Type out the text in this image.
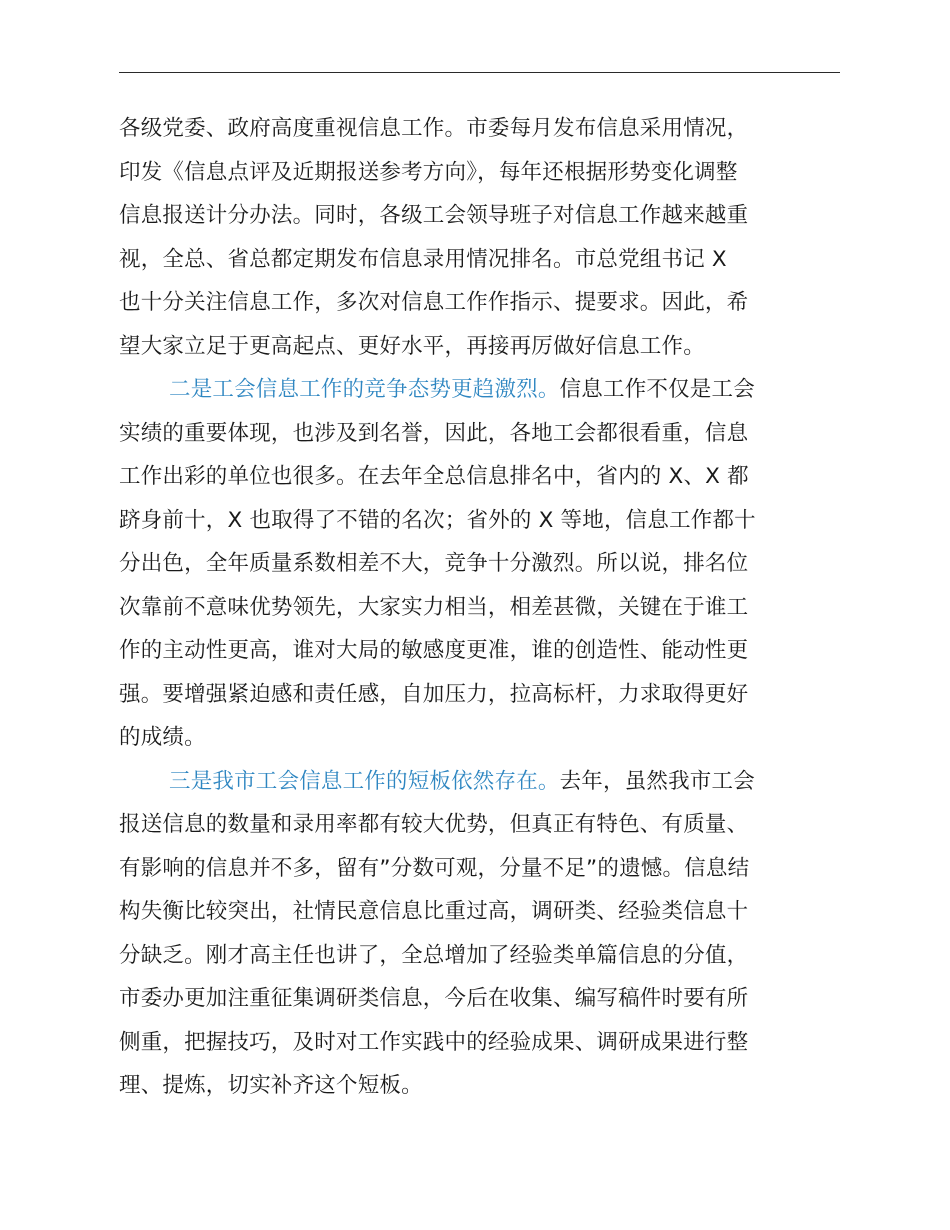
各级党委、政府高度重视信息工作。市委每月发布信息采用情况，
印发《信息点评及近期报送参考方向》，每年还根据形势变化调整
信息报送计分办法。同时，各级工会领导班子对信息工作越来越重
视，全总、省总都定期发布信息录用情况排名。市总党组书记 X
也十分关注信息工作，多次对信息工作作指示、提要求。因此，希
望大家立足于更高起点、更好水平，再接再厉做好信息工作。

二是工会信息工作的竞争态势更趋激烈。信息工作不仅是工会
实绩的重要体现，也涉及到名誉，因此，各地工会都很看重，信息
工作出彩的单位也很多。在去年全总信息排名中，省内的 X、X 都
跻身前十，X 也取得了不错的名次；省外的 X 等地，信息工作都十
分出色，全年质量系数相差不大，竞争十分激烈。所以说，排名位
次靠前不意味优势领先，大家实力相当，相差甚微，关键在于谁工
作的主动性更高，谁对大局的敏感度更准，谁的创造性、能动性更
强。要增强紧迫感和责任感，自加压力，拉高标杆，力求取得更好
的成绩。

三是我市工会信息工作的短板依然存在。去年，虽然我市工会
报送信息的数量和录用率都有较大优势，但真正有特色、有质量、
有影响的信息并不多，留有”分数可观，分量不足”的遗憾。信息结
构失衡比较突出，社情民意信息比重过高，调研类、经验类信息十
分缺乏。刚才高主任也讲了，全总增加了经验类单篇信息的分值，
市委办更加注重征集调研类信息，今后在收集、编写稿件时要有所
侧重，把握技巧，及时对工作实践中的经验成果、调研成果进行整
理、提炼，切实补齐这个短板。
